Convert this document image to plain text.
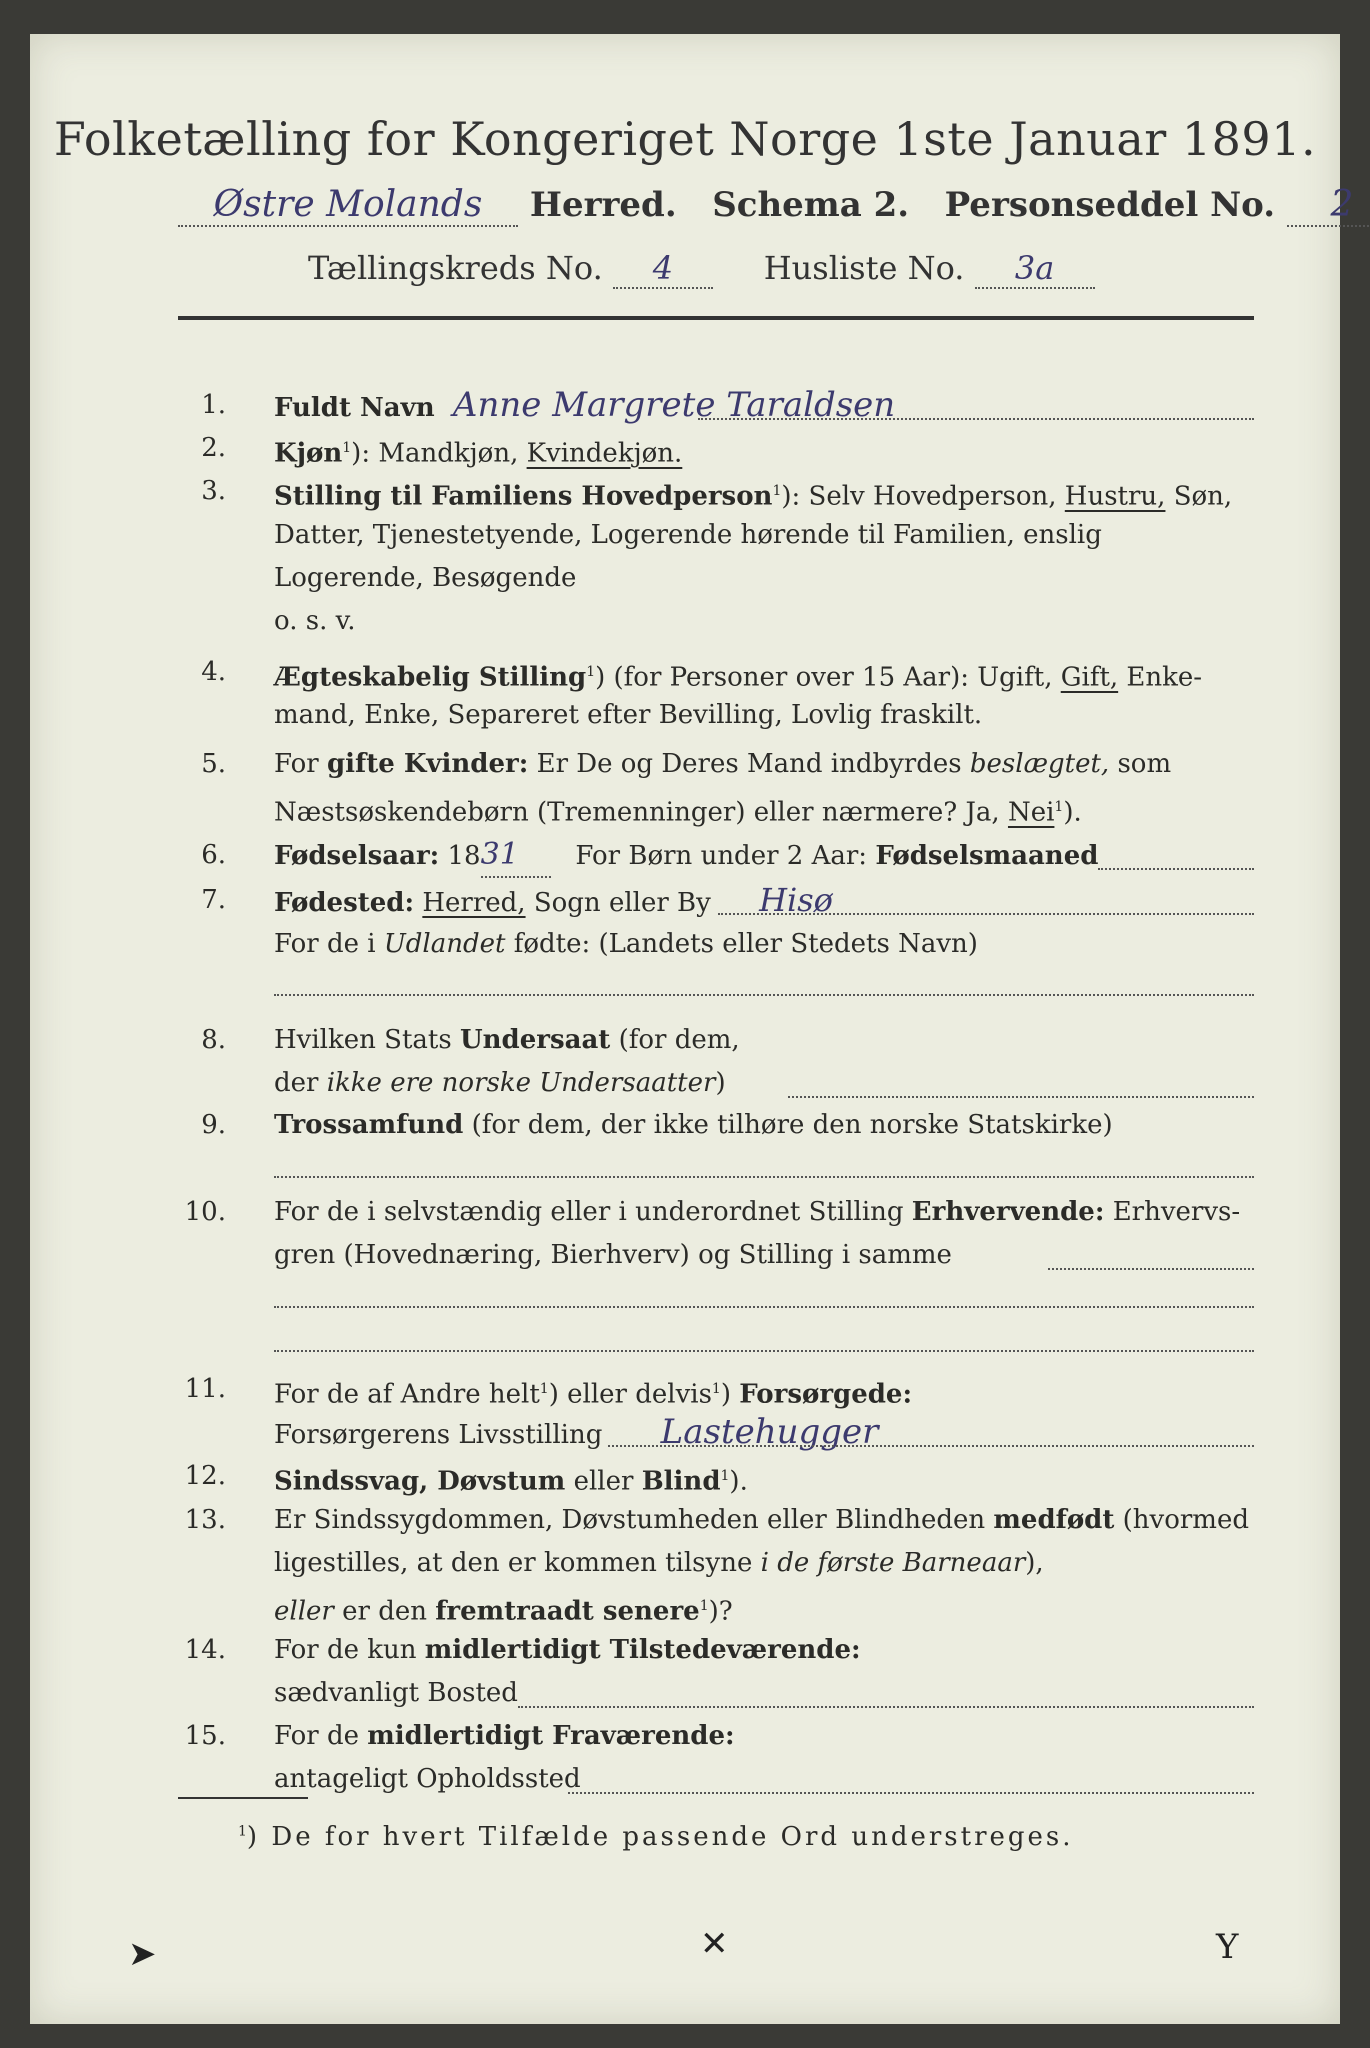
Folketælling for Kongeriget Norge 1ste Januar 1891.
Østre Molands Herred. Schema 2. Personseddel No. 2
Tællingskreds No. 4	Husliste No. 3a
1. Fuldt Navn Anne Margrete Taraldsen
2. Kjøn$^1$): Mandkjøn, Kvindekjøn.
3. Stilling til Familiens Hovedperson$^1$): Selv Hovedperson, Hustru, Søn,
Datter, Tjenestetyende, Logerende hørende til Familien, enslig
Logerende, Besøgende
o. s. v.
4. Ægteskabelig Stilling$^1$) (for Personer over 15 Aar): Ugift, Gift, Enke-
mand, Enke, Separeret efter Bevilling, Lovlig fraskilt.
5. For gifte Kvinder: Er De og Deres Mand indbyrdes beslægtet, som
Næstsøskendebørn (Tremenninger) eller nærmere? Ja, Nei$^1$).
6. Fødselsaar: 1831 For Børn under 2 Aar: Fødselsmaaned
7. Fødested: Herred, Sogn eller By Hisø
For de i Udlandet fødte: (Landets eller Stedets Navn)
8. Hvilken Stats Undersaat (for dem,
der ikke ere norske Undersaatter)
9. Trossamfund (for dem, der ikke tilhøre den norske Statskirke)
10. For de i selvstændig eller i underordnet Stilling Erhvervende: Erhvervs-
gren (Hovednæring, Bierhverv) og Stilling i samme
11. For de af Andre helt$^1$) eller delvis$^1$) Forsørgede:
Forsørgerens Livsstilling Lastehugger
12. Sindssvag, Døvstum eller Blind$^1$).
13. Er Sindssygdommen, Døvstumheden eller Blindheden medfødt (hvormed
ligestilles, at den er kommen tilsyne i de første Barneaar),
eller er den fremtraadt senere$^1$)?
14. For de kun midlertidigt Tilstedeværende:
sædvanligt Bosted
15. For de midlertidigt Fraværende:
antageligt Opholdssted
$^1$) De for hvert Tilfælde passende Ord understreges.
➤	✕	Y
